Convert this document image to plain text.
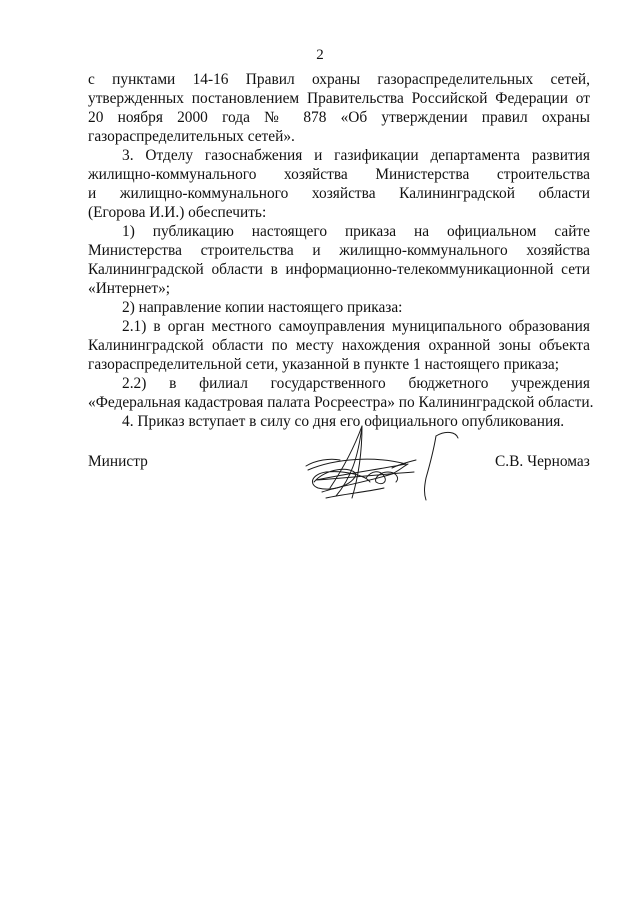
2
с пунктами 14-16 Правил охраны газораспределительных сетей,
утвержденных постановлением Правительства Российской Федерации от
20 ноября 2000 года № 878 «Об утверждении правил охраны
газораспределительных сетей».
3. Отделу газоснабжения и газификации департамента развития
жилищно-коммунального хозяйства Министерства строительства
и жилищно-коммунального хозяйства Калининградской области
(Егорова И.И.) обеспечить:
1) публикацию настоящего приказа на официальном сайте
Министерства строительства и жилищно-коммунального хозяйства
Калининградской области в информационно-телекоммуникационной сети
«Интернет»;
2) направление копии настоящего приказа:
2.1) в орган местного самоуправления муниципального образования
Калининградской области по месту нахождения охранной зоны объекта
газораспределительной сети, указанной в пункте 1 настоящего приказа;
2.2) в филиал государственного бюджетного учреждения
«Федеральная кадастровая палата Росреестра» по Калининградской области.
4. Приказ вступает в силу со дня его официального опубликования.
Министр	С.В. Черномаз
